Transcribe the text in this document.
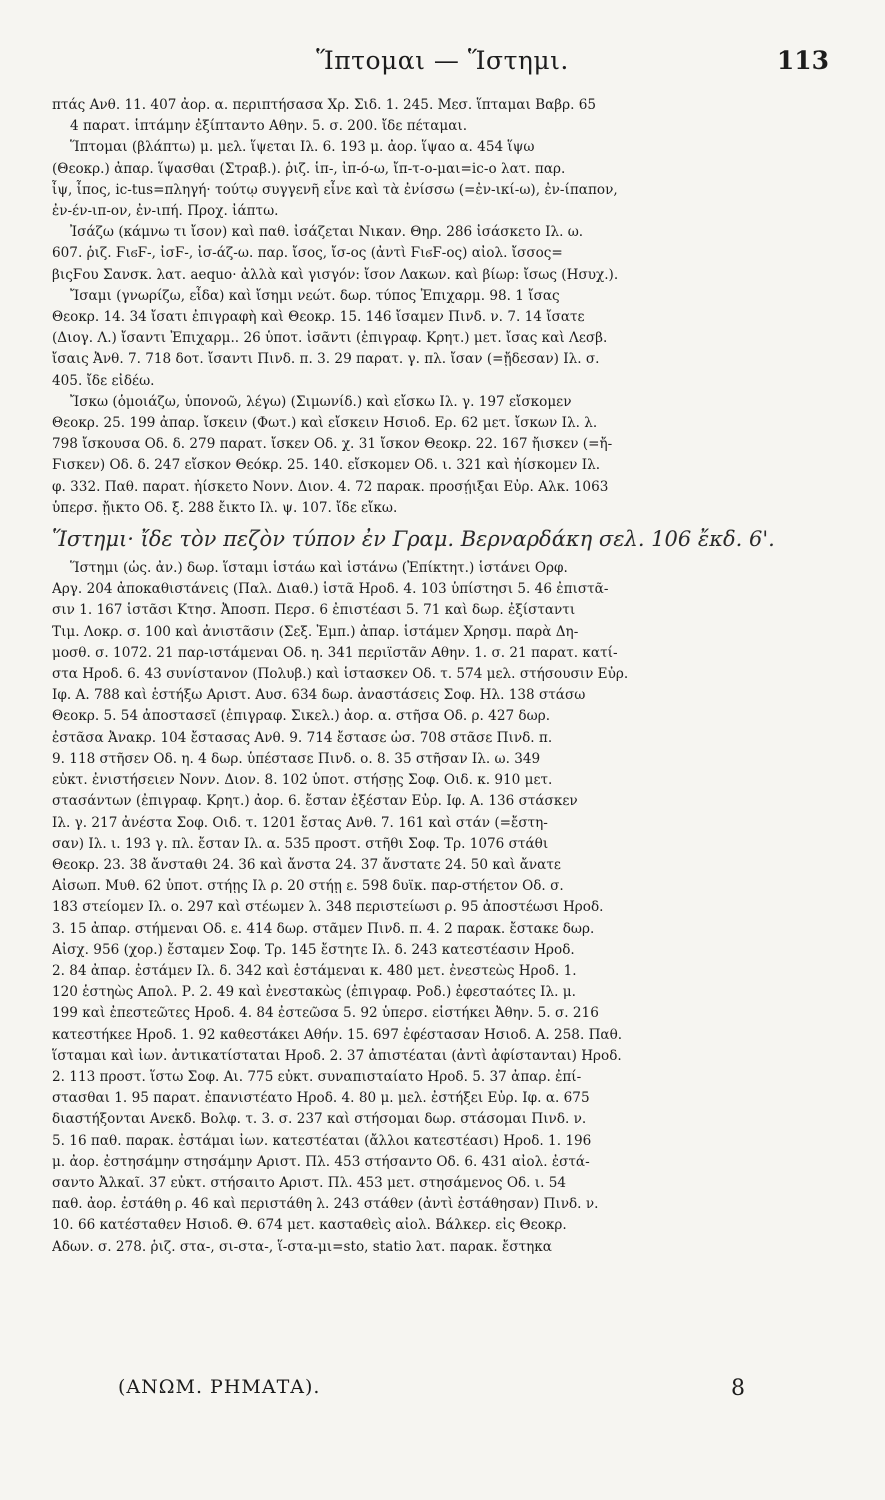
Ἵπτομαι — Ἵστημι.	113
πτάς Ανθ. 11. 407 ἀορ. α. περιπτήσασα Χρ. Σιδ. 1. 245. Μεσ. ἵπταμαι Βαβρ. 65
4 παρατ. ἱπτάμην ἐξίπταντο Αθην. 5. σ. 200. ἴδε πέταμαι.
Ἵπτομαι (βλάπτω) μ. μελ. ἵψεται Ιλ. 6. 193 μ. ἀορ. ἵψαο α. 454 ἵψω
(Θεοκρ.) ἀπαρ. ἵψασθαι (Στραβ.). ῥιζ. ἱπ-, ἰπ-ό-ω, ἴπ-τ-ο-μαι=ic-o λατ. παρ.
ἶψ, ἶπος, ic-tus=πληγή· τούτῳ συγγενῆ εἶνε καὶ τὰ ἐνίσσω (=ἐν-ικί-ω), ἐν-ίπαπον,
ἐν-έν-ιπ-ον, ἐν-ιπή. Προχ. ἰάπτω.
Ἰσάζω (κάμνω τι ἴσον) καὶ παθ. ἰσάζεται Νικαν. Θηρ. 286 ἰσάσκετο Ιλ. ω.
607. ῥιζ. ϜιϭϜ-, ἰσϜ-, ἰσ-άζ-ω. παρ. ἴσος, ἴσ-ος (ἀντὶ ϜιϭϜ-ος) αἰολ. ἴσσος=
βιςϜου Σανσκ. λατ. aequo· ἀλλὰ καὶ γισγόν: ἴσον Λακων. καὶ βίωρ: ἴσως (Ησυχ.).
Ἴσαμι (γνωρίζω, εἶδα) καὶ ἴσημι νεώτ. δωρ. τύπος Ἐπιχαρμ. 98. 1 ἴσας
Θεοκρ. 14. 34 ἴσατι ἐπιγραφὴ καὶ Θεοκρ. 15. 146 ἴσαμεν Πινδ. ν. 7. 14 ἴσατε
(Διογ. Λ.) ἴσαντι Ἐπιχαρμ.. 26 ὑποτ. ἰσᾶντι (ἐπιγραφ. Κρητ.) μετ. ἴσας καὶ Λεσβ.
ἴσαις Ἀνθ. 7. 718 δοτ. ἴσαντι Πινδ. π. 3. 29 παρατ. γ. πλ. ἴσαν (=ᾔδεσαν) Ιλ. σ.
405. ἴδε εἰδέω.
Ἴσκω (ὁμοιάζω, ὑπονοῶ, λέγω) (Σιμωνίδ.) καὶ εἴσκω Ιλ. γ. 197 εἴσκομεν
Θεοκρ. 25. 199 ἀπαρ. ἴσκειν (Φωτ.) καὶ εἴσκειν Ησιοδ. Ερ. 62 μετ. ἴσκων Ιλ. λ.
798 ἴσκουσα Οδ. δ. 279 παρατ. ἴσκεν Οδ. χ. 31 ἴσκον Θεοκρ. 22. 167 ἤισκεν (=ἤ-
Ϝισκεν) Οδ. δ. 247 εἴσκον Θεόκρ. 25. 140. εἴσκομεν Οδ. ι. 321 καὶ ἠίσκομεν Ιλ.
φ. 332. Παθ. παρατ. ἠίσκετο Νονν. Διον. 4. 72 παρακ. προσῄιξαι Εὐρ. Αλκ. 1063
ὑπερσ. ᾔικτο Οδ. ξ. 288 ἔικτο Ιλ. ψ. 107. ἴδε εἴκω.
Ἵστημι· ἴδε τὸν πεζὸν τύπον ἐν Γραμ. Βερναρδάκη σελ. 106 ἔκδ. 6'.
Ἵστημι (ὡς. ἀν.) δωρ. ἵσταμι ἱστάω καὶ ἱστάνω (Ἐπίκτητ.) ἱστάνει Ορφ.
Αργ. 204 ἀποκαθιστάνεις (Παλ. Διαθ.) ἱστᾶ Ηροδ. 4. 103 ὑπίστησι 5. 46 ἐπιστᾶ-
σιν 1. 167 ἱστᾶσι Κτησ. Ἀποσπ. Περσ. 6 ἐπιστέασι 5. 71 καὶ δωρ. ἐξίσταντι
Τιμ. Λοκρ. σ. 100 καὶ ἀνιστᾶσιν (Σεξ. Ἐμπ.) ἀπαρ. ἱστάμεν Χρησμ. παρὰ Δη-
μοσθ. σ. 1072. 21 παρ-ιστάμεναι Οδ. η. 341 περιϊστᾶν Αθην. 1. σ. 21 παρατ. κατί-
στα Ηροδ. 6. 43 συνίστανον (Πολυβ.) καὶ ἱστασκεν Οδ. τ. 574 μελ. στήσουσιν Εὐρ.
Ιφ. Α. 788 καὶ ἑστήξω Αριστ. Αυσ. 634 δωρ. ἀναστάσεις Σοφ. Ηλ. 138 στάσω
Θεοκρ. 5. 54 ἀποστασεῖ (ἐπιγραφ. Σικελ.) ἀορ. α. στῆσα Οδ. ρ. 427 δωρ.
ἐστᾶσα Ἀνακρ. 104 ἔστασας Ανθ. 9. 714 ἔστασε ὡσ. 708 στᾶσε Πινδ. π.
9. 118 στῆσεν Οδ. η. 4 δωρ. ὑπέστασε Πινδ. ο. 8. 35 στῆσαν Ιλ. ω. 349
εὐκτ. ἐνιστήσειεν Νονν. Διον. 8. 102 ὑποτ. στήσῃς Σοφ. Οιδ. κ. 910 μετ.
στασάντων (ἐπιγραφ. Κρητ.) ἀορ. 6. ἔσταν ἐξέσταν Εὐρ. Ιφ. Α. 136 στάσκεν
Ιλ. γ. 217 ἀνέστα Σοφ. Οιδ. τ. 1201 ἔστας Ανθ. 7. 161 καὶ στάν (=ἔστη-
σαν) Ιλ. ι. 193 γ. πλ. ἔσταν Ιλ. α. 535 προστ. στῆθι Σοφ. Τρ. 1076 στάθι
Θεοκρ. 23. 38 ἄνσταθι 24. 36 καὶ ἄνστα 24. 37 ἄνστατε 24. 50 καὶ ἄνατε
Αἰσωπ. Μυθ. 62 ὑποτ. στήῃς Ιλ ρ. 20 στήῃ ε. 598 δυϊκ. παρ-στήετον Οδ. σ.
183 στείομεν Ιλ. ο. 297 καὶ στέωμεν λ. 348 περιστείωσι ρ. 95 ἀποστέωσι Ηροδ.
3. 15 ἀπαρ. στήμεναι Οδ. ε. 414 δωρ. στᾶμεν Πινδ. π. 4. 2 παρακ. ἔστακε δωρ.
Αἰσχ. 956 (χορ.) ἔσταμεν Σοφ. Τρ. 145 ἔστητε Ιλ. δ. 243 κατεστέασιν Ηροδ.
2. 84 ἀπαρ. ἐστάμεν Ιλ. δ. 342 καὶ ἑστάμεναι κ. 480 μετ. ἐνεστεὼς Ηροδ. 1.
120 ἑστηὼς Απολ. Ρ. 2. 49 καὶ ἐνεστακὼς (ἐπιγραφ. Ροδ.) ἐφεσταότες Ιλ. μ.
199 καὶ ἐπεστεῶτες Ηροδ. 4. 84 ἐστεῶσα 5. 92 ὑπερσ. εἱστήκει Ἀθην. 5. σ. 216
κατεστήκεε Ηροδ. 1. 92 καθεστάκει Αθήν. 15. 697 ἐφέστασαν Ησιοδ. Α. 258. Παθ.
ἵσταμαι καὶ ἰων. ἀντικατίσταται Ηροδ. 2. 37 ἀπιστέαται (ἀντὶ ἀφίστανται) Ηροδ.
2. 113 προστ. ἵστω Σοφ. Αι. 775 εὐκτ. συναπισταίατο Ηροδ. 5. 37 ἀπαρ. ἐπί-
στασθαι 1. 95 παρατ. ἐπανιστέατο Ηροδ. 4. 80 μ. μελ. ἐστήξει Εὐρ. Ιφ. α. 675
διαστήξονται Ανεκδ. Βολφ. τ. 3. σ. 237 καὶ στήσομαι δωρ. στάσομαι Πινδ. ν.
5. 16 παθ. παρακ. ἐστάμαι ἰων. κατεστέαται (ἄλλοι κατεστέασι) Ηροδ. 1. 196
μ. ἀορ. ἐστησάμην στησάμην Αριστ. Πλ. 453 στήσαντο Οδ. 6. 431 αἰολ. ἐστά-
σαντο Ἀλκαῖ. 37 εὐκτ. στήσαιτο Αριστ. Πλ. 453 μετ. στησάμενος Οδ. ι. 54
παθ. ἀορ. ἐστάθη ρ. 46 καὶ περιστάθη λ. 243 στάθεν (ἀντὶ ἐστάθησαν) Πινδ. ν.
10. 66 κατέσταθεν Ησιοδ. Θ. 674 μετ. κασταθεὶς αἰολ. Βάλκερ. εἰς Θεοκρ.
Αδων. σ. 278. ῥιζ. στα-, σι-στα-, ἵ-στα-μι=sto, statio λατ. παρακ. ἔστηκα
(ΑΝΩΜ. ΡΗΜΑΤΑ).	8
